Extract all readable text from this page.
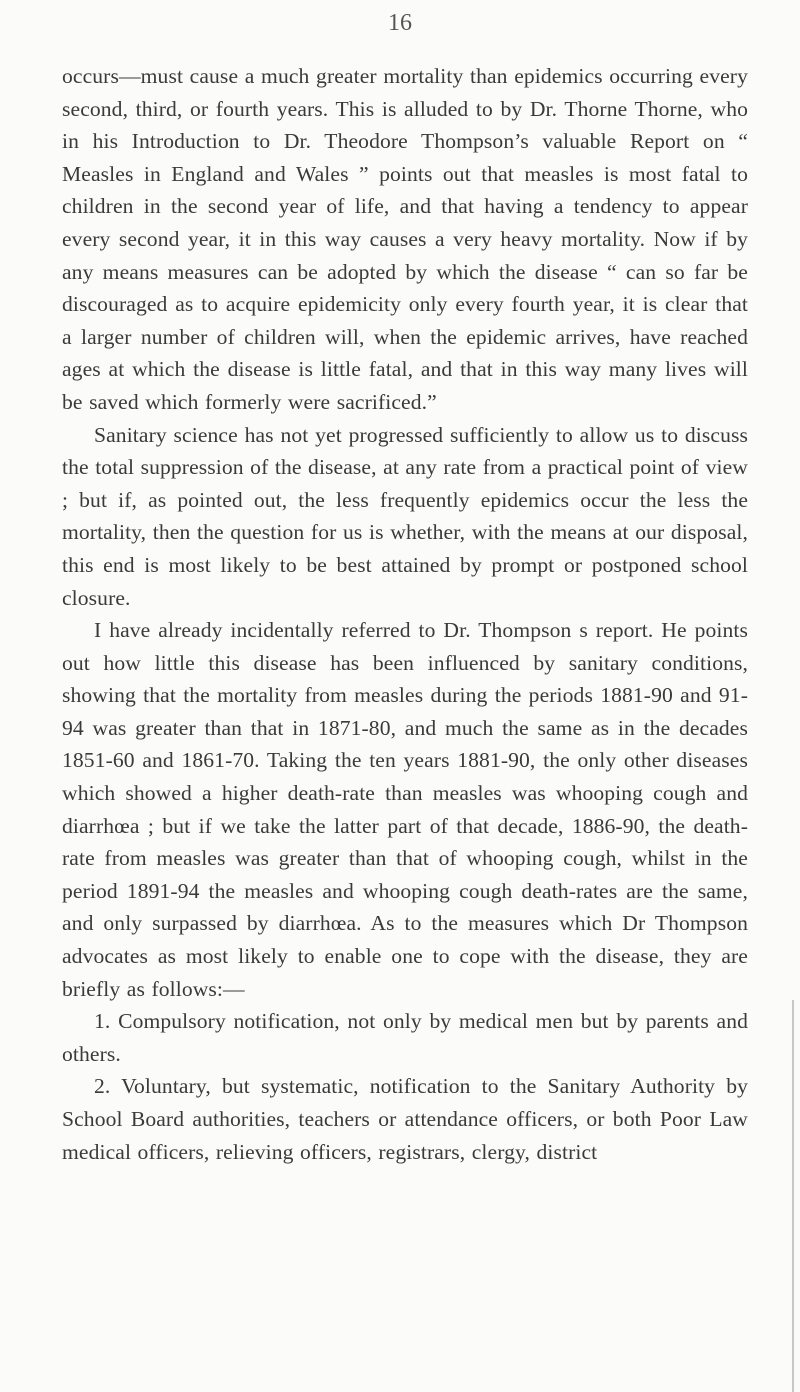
16

occurs—must cause a much greater mortality than epidemics occurring every second, third, or fourth years. This is alluded to by Dr. Thorne Thorne, who in his Introduction to Dr. Theodore Thompson’s valuable Report on “ Measles in England and Wales ” points out that measles is most fatal to children in the second year of life, and that having a tendency to appear every second year, it in this way causes a very heavy mortality. Now if by any means measures can be adopted by which the disease “ can so far be discouraged as to acquire epidemicity only every fourth year, it is clear that a larger number of children will, when the epidemic arrives, have reached ages at which the disease is little fatal, and that in this way many lives will be saved which formerly were sacrificed.”

Sanitary science has not yet progressed sufficiently to allow us to discuss the total suppression of the disease, at any rate from a practical point of view ; but if, as pointed out, the less frequently epidemics occur the less the mortality, then the question for us is whether, with the means at our disposal, this end is most likely to be best attained by prompt or postponed school closure.

I have already incidentally referred to Dr. Thompson s report. He points out how little this disease has been influenced by sanitary conditions, showing that the mortality from measles during the periods 1881-90 and 91-94 was greater than that in 1871-80, and much the same as in the decades 1851-60 and 1861-70. Taking the ten years 1881-90, the only other diseases which showed a higher death-rate than measles was whooping cough and diarrhœa ; but if we take the latter part of that decade, 1886-90, the death-rate from measles was greater than that of whooping cough, whilst in the period 1891-94 the measles and whooping cough death-rates are the same, and only surpassed by diarrhœa. As to the measures which Dr Thompson advocates as most likely to enable one to cope with the disease, they are briefly as follows:—

1. Compulsory notification, not only by medical men but by parents and others.

2. Voluntary, but systematic, notification to the Sanitary Authority by School Board authorities, teachers or attendance officers, or both Poor Law medical officers, relieving officers, registrars, clergy, district
